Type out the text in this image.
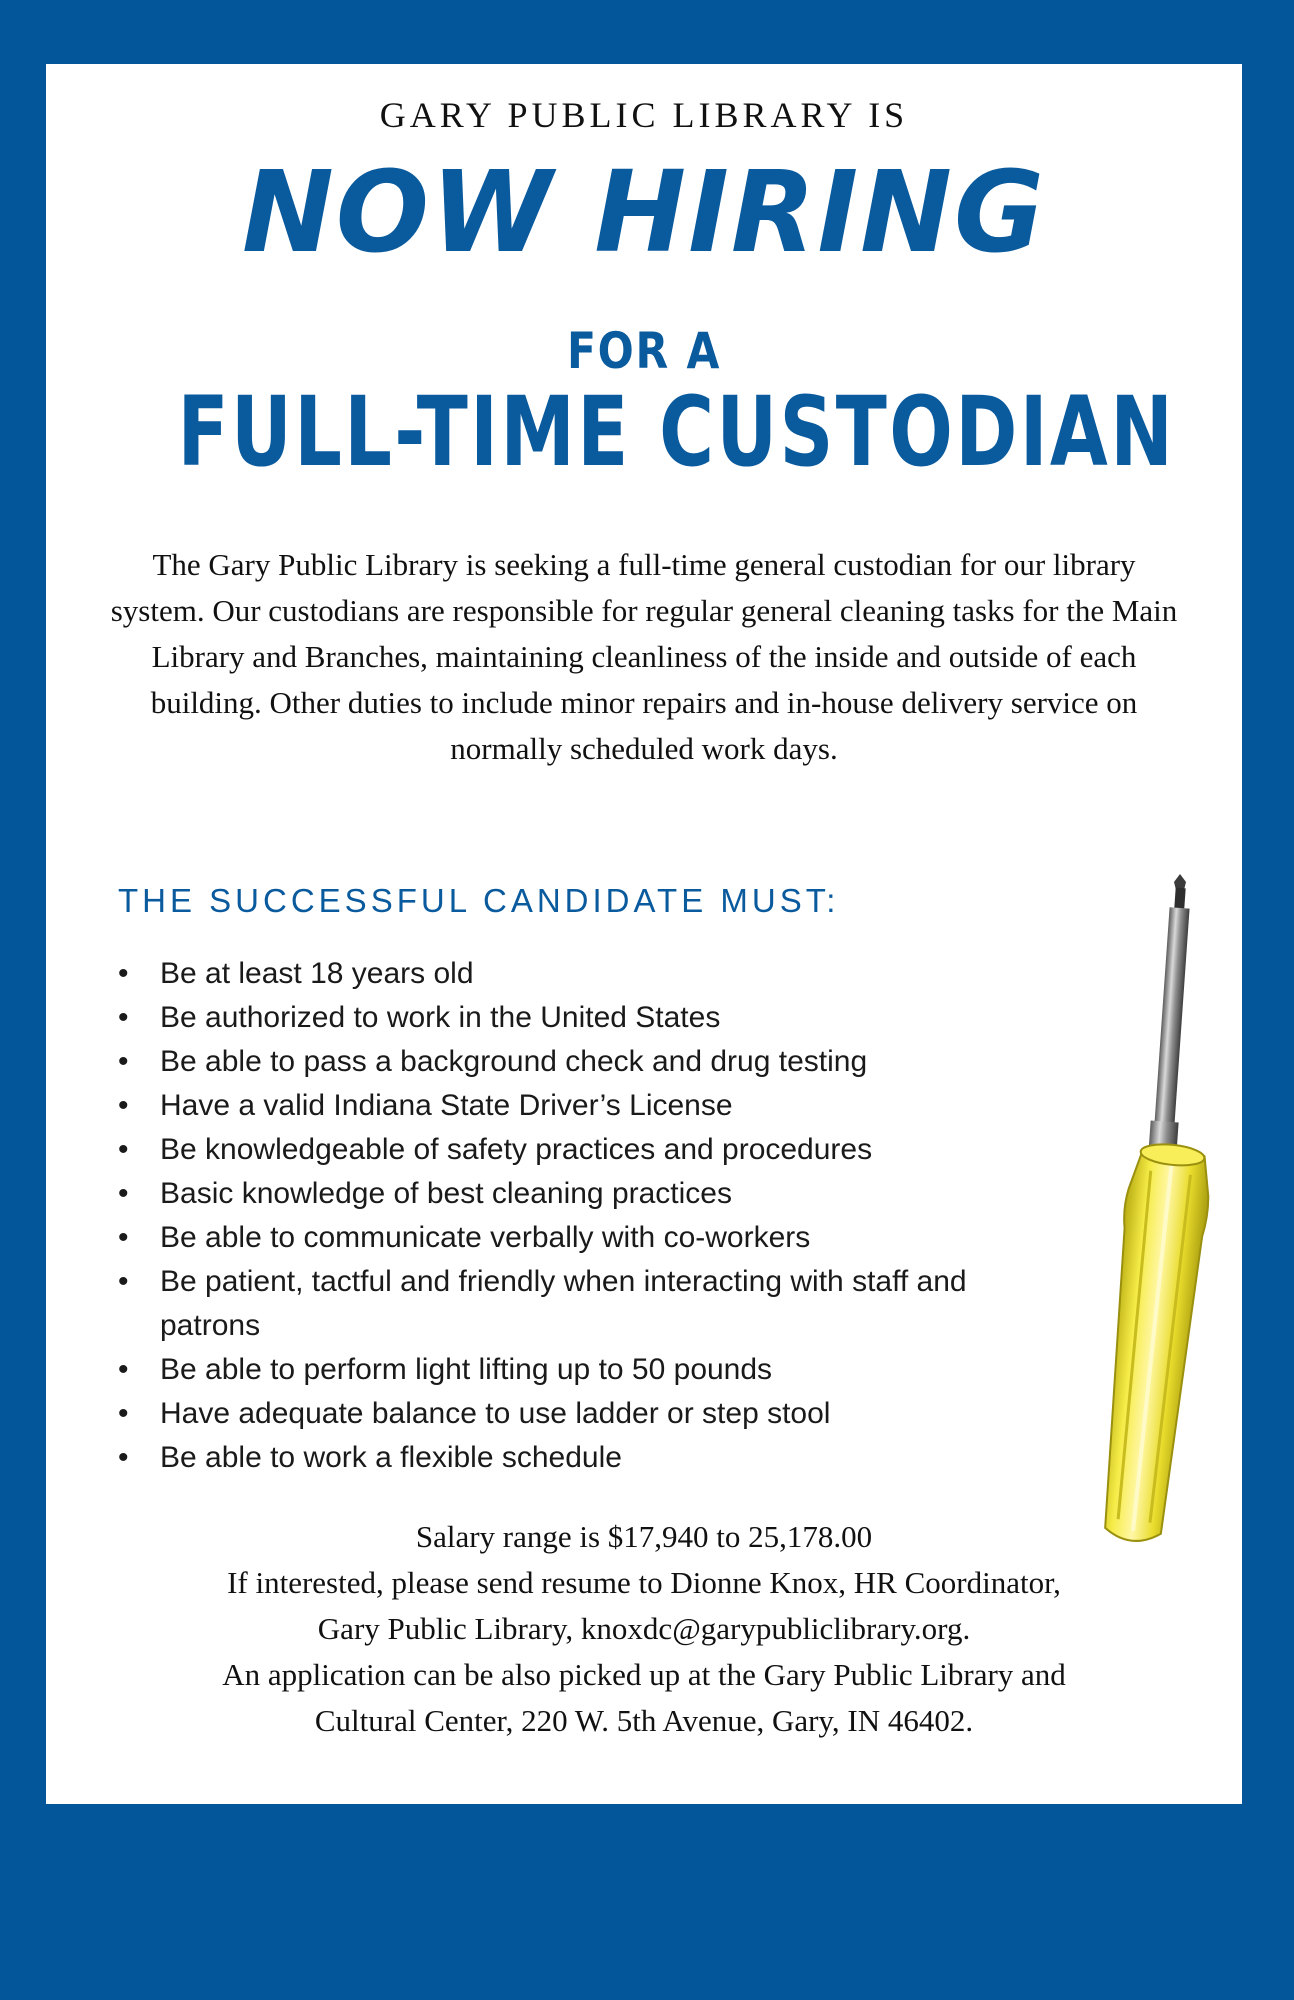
GARY PUBLIC LIBRARY IS
NOW HIRING
FOR A
FULL-TIME CUSTODIAN
The Gary Public Library is seeking a full-time general custodian for our library system. Our custodians are responsible for regular general cleaning tasks for the Main Library and Branches, maintaining cleanliness of the inside and outside of each building. Other duties to include minor repairs and in-house delivery service on normally scheduled work days.
THE SUCCESSFUL CANDIDATE MUST:
• Be at least 18 years old
• Be authorized to work in the United States
• Be able to pass a background check and drug testing
• Have a valid Indiana State Driver’s License
• Be knowledgeable of safety practices and procedures
• Basic knowledge of best cleaning practices
• Be able to communicate verbally with co-workers
• Be patient, tactful and friendly when interacting with staff and patrons
• Be able to perform light lifting up to 50 pounds
• Have adequate balance to use ladder or step stool
• Be able to work a flexible schedule
Salary range is $17,940 to 25,178.00
If interested, please send resume to Dionne Knox, HR Coordinator,
Gary Public Library, knoxdc@garypubliclibrary.org.
An application can be also picked up at the Gary Public Library and
Cultural Center, 220 W. 5th Avenue, Gary, IN 46402.
